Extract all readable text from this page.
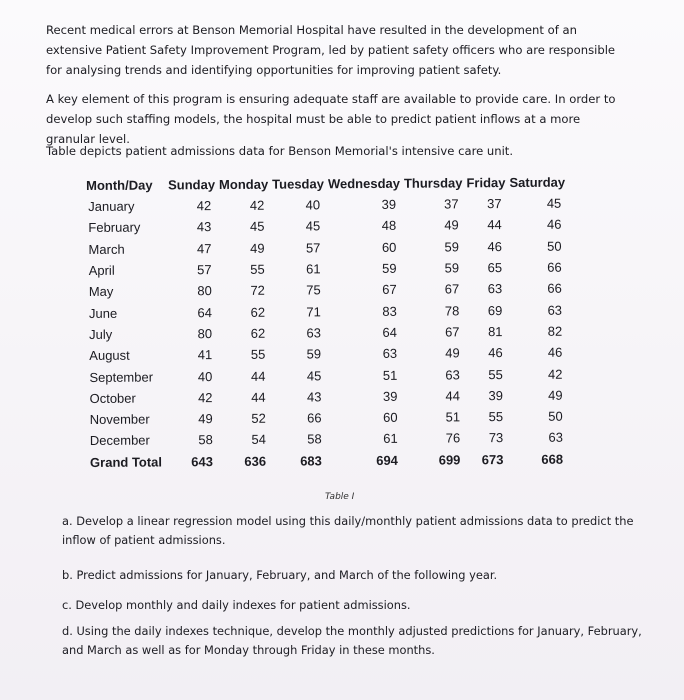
Recent medical errors at Benson Memorial Hospital have resulted in the development of an extensive Patient Safety Improvement Program, led by patient safety officers who are responsible for analysing trends and identifying opportunities for improving patient safety.

A key element of this program is ensuring adequate staff are available to provide care. In order to develop such staffing models, the hospital must be able to predict patient inflows at a more granular level.

Table depicts patient admissions data for Benson Memorial's intensive care unit.

Month/Day	Sunday	Monday	Tuesday	Wednesday	Thursday	Friday	Saturday
January	42	42	40	39	37	37	45
February	43	45	45	48	49	44	46
March	47	49	57	60	59	46	50
April	57	55	61	59	59	65	66
May	80	72	75	67	67	63	66
June	64	62	71	83	78	69	63
July	80	62	63	64	67	81	82
August	41	55	59	63	49	46	46
September	40	44	45	51	63	55	42
October	42	44	43	39	44	39	49
November	49	52	66	60	51	55	50
December	58	54	58	61	76	73	63
Grand Total	643	636	683	694	699	673	668
Table I

a. Develop a linear regression model using this daily/monthly patient admissions data to predict the inflow of patient admissions.

b. Predict admissions for January, February, and March of the following year.

c. Develop monthly and daily indexes for patient admissions.

d. Using the daily indexes technique, develop the monthly adjusted predictions for January, February, and March as well as for Monday through Friday in these months.
